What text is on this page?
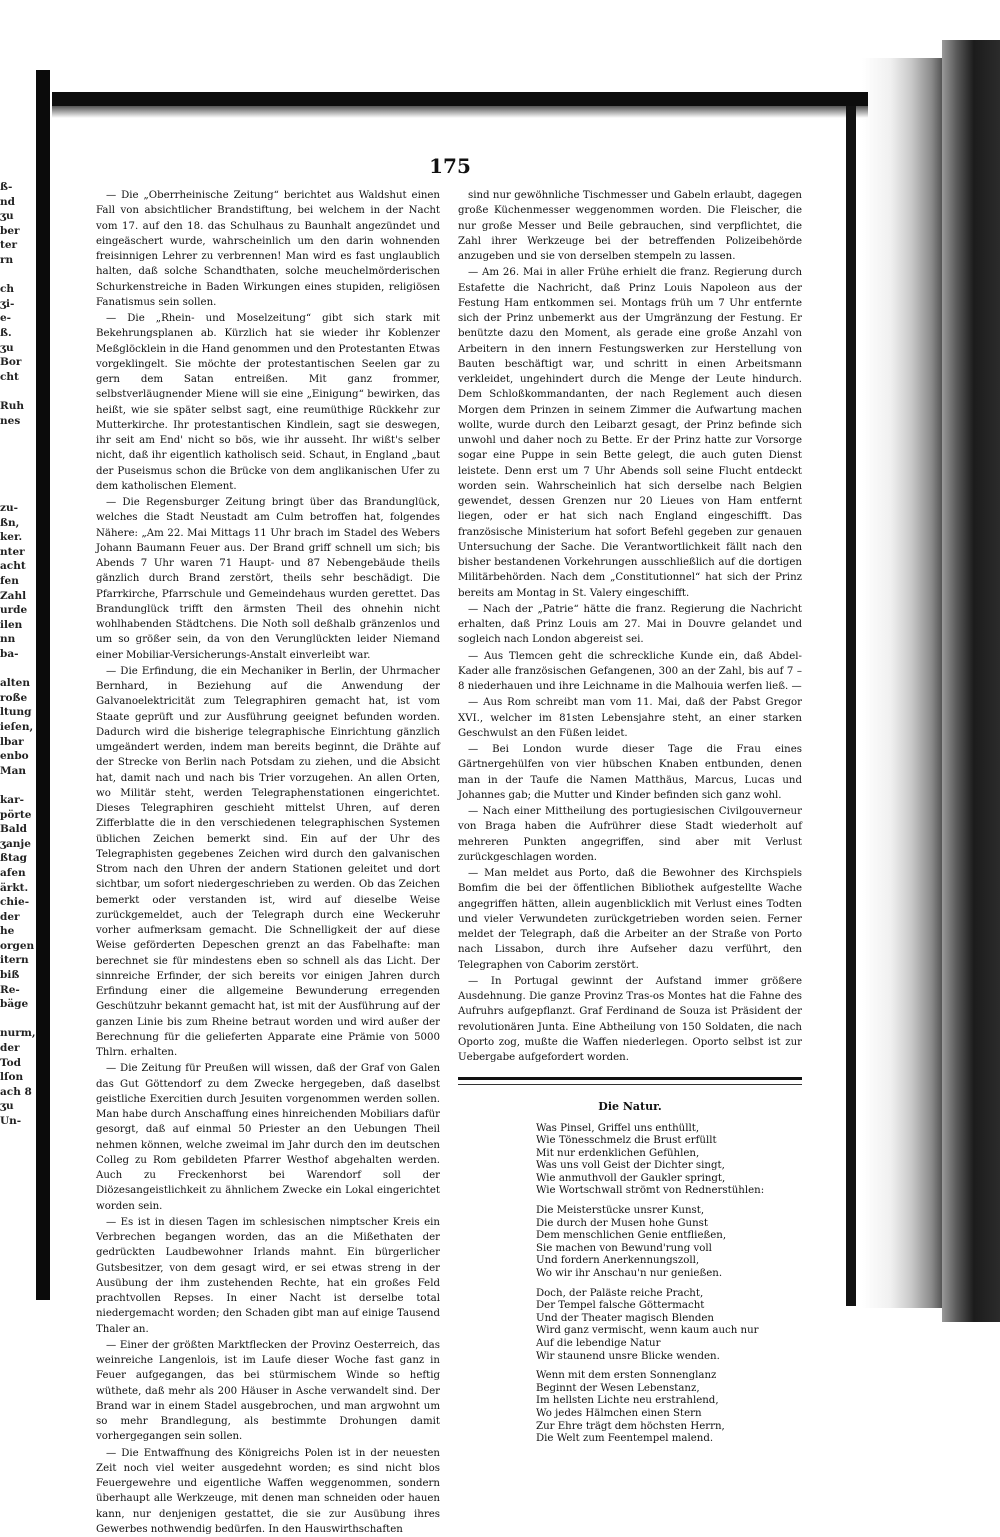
ß-
nd
ʒu
ber
ter
rn

ch
ʒi-
e-
ß.
ʒu
Bor
cht

Ruh
nes

zu-
ßn,
ker.
nter
acht
fen
Zahl
urde
ilen
nn
ba-

alten
roße
ltung
ieſen,
lbar
enbo
Man

kar-
pörte
Bald
ʒanje
ßtag
afen
ärkt.
chie-
der
he
orgen
itern
biß
Re-
bäge

nurm,
der
Tod
lſon
ach 8
ʒu
Un-
175

— Die „Oberrheinische Zeitung“ berichtet aus Waldshut einen Fall von absichtlicher Brandstiftung, bei welchem in der Nacht vom 17. auf den 18. das Schulhaus zu Baunhalt angezündet und eingeäschert wurde, wahrscheinlich um den darin wohnenden freisinnigen Lehrer zu verbrennen! Man wird es fast unglaublich halten, daß solche Schandthaten, solche meuchelmörderischen Schurkenstreiche in Baden Wirkungen eines stupiden, religiösen Fanatismus sein sollen.

— Die „Rhein- und Moselzeitung“ gibt sich stark mit Bekehrungsplanen ab. Kürzlich hat sie wieder ihr Koblenzer Meßglöcklein in die Hand genommen und den Protestanten Etwas vorgeklingelt. Sie möchte der protestantischen Seelen gar zu gern dem Satan entreißen. Mit ganz frommer, selbstverläugnender Miene will sie eine „Einigung“ bewirken, das heißt, wie sie später selbst sagt, eine reumüthige Rückkehr zur Mutterkirche. Ihr protestantischen Kindlein, sagt sie deswegen, ihr seit am End' nicht so bös, wie ihr ausseht. Ihr wißt's selber nicht, daß ihr eigentlich katholisch seid. Schaut, in England „baut der Puseismus schon die Brücke von dem anglikanischen Ufer zu dem katholischen Element.

— Die Regensburger Zeitung bringt über das Brandunglück, welches die Stadt Neustadt am Culm betroffen hat, folgendes Nähere: „Am 22. Mai Mittags 11 Uhr brach im Stadel des Webers Johann Baumann Feuer aus. Der Brand griff schnell um sich; bis Abends 7 Uhr waren 71 Haupt- und 87 Nebengebäude theils gänzlich durch Brand zerstört, theils sehr beschädigt. Die Pfarrkirche, Pfarrschule und Gemeindehaus wurden gerettet. Das Brandunglück trifft den ärmsten Theil des ohnehin nicht wohlhabenden Städtchens. Die Noth soll deßhalb gränzenlos und um so größer sein, da von den Verunglückten leider Niemand einer Mobiliar-Versicherungs-Anstalt einverleibt war.

— Die Erfindung, die ein Mechaniker in Berlin, der Uhrmacher Bernhard, in Beziehung auf die Anwendung der Galvanoelektricität zum Telegraphiren gemacht hat, ist vom Staate geprüft und zur Ausführung geeignet befunden worden. Dadurch wird die bisherige telegraphische Einrichtung gänzlich umgeändert werden, indem man bereits beginnt, die Drähte auf der Strecke von Berlin nach Potsdam zu ziehen, und die Absicht hat, damit nach und nach bis Trier vorzugehen. An allen Orten, wo Militär steht, werden Telegraphenstationen eingerichtet. Dieses Telegraphiren geschieht mittelst Uhren, auf deren Zifferblatte die in den verschiedenen telegraphischen Systemen üblichen Zeichen bemerkt sind. Ein auf der Uhr des Telegraphisten gegebenes Zeichen wird durch den galvanischen Strom nach den Uhren der andern Stationen geleitet und dort sichtbar, um sofort niedergeschrieben zu werden. Ob das Zeichen bemerkt oder verstanden ist, wird auf dieselbe Weise zurückgemeldet, auch der Telegraph durch eine Weckeruhr vorher aufmerksam gemacht. Die Schnelligkeit der auf diese Weise geförderten Depeschen grenzt an das Fabelhafte: man berechnet sie für mindestens eben so schnell als das Licht. Der sinnreiche Erfinder, der sich bereits vor einigen Jahren durch Erfindung einer die allgemeine Bewunderung erregenden Geschützuhr bekannt gemacht hat, ist mit der Ausführung auf der ganzen Linie bis zum Rheine betraut worden und wird außer der Berechnung für die gelieferten Apparate eine Prämie von 5000 Thlrn. erhalten.

— Die Zeitung für Preußen will wissen, daß der Graf von Galen das Gut Göttendorf zu dem Zwecke hergegeben, daß daselbst geistliche Exercitien durch Jesuiten vorgenommen werden sollen. Man habe durch Anschaffung eines hinreichenden Mobiliars dafür gesorgt, daß auf einmal 50 Priester an den Uebungen Theil nehmen können, welche zweimal im Jahr durch den im deutschen Colleg zu Rom gebildeten Pfarrer Westhof abgehalten werden. Auch zu Freckenhorst bei Warendorf soll der Diözesangeistlichkeit zu ähnlichem Zwecke ein Lokal eingerichtet worden sein.

— Es ist in diesen Tagen im schlesischen nimptscher Kreis ein Verbrechen begangen worden, das an die Mißethaten der gedrückten Laudbewohner Irlands mahnt. Ein bürgerlicher Gutsbesitzer, von dem gesagt wird, er sei etwas streng in der Ausübung der ihm zustehenden Rechte, hat ein großes Feld prachtvollen Repses. In einer Nacht ist derselbe total niedergemacht worden; den Schaden gibt man auf einige Tausend Thaler an.

— Einer der größten Marktflecken der Provinz Oesterreich, das weinreiche Langenlois, ist im Laufe dieser Woche fast ganz in Feuer aufgegangen, das bei stürmischem Winde so heftig wüthete, daß mehr als 200 Häuser in Asche verwandelt sind. Der Brand war in einem Stadel ausgebrochen, und man argwohnt um so mehr Brandlegung, als bestimmte Drohungen damit vorhergegangen sein sollen.

— Die Entwaffnung des Königreichs Polen ist in der neuesten Zeit noch viel weiter ausgedehnt worden; es sind nicht blos Feuergewehre und eigentliche Waffen weggenommen, sondern überhaupt alle Werkzeuge, mit denen man schneiden oder hauen kann, nur denjenigen gestattet, die sie zur Ausübung ihres Gewerbes nothwendig bedürfen. In den Hauswirthschaften

sind nur gewöhnliche Tischmesser und Gabeln erlaubt, dagegen große Küchenmesser weggenommen worden. Die Fleischer, die nur große Messer und Beile gebrauchen, sind verpflichtet, die Zahl ihrer Werkzeuge bei der betreffenden Polizeibehörde anzugeben und sie von derselben stempeln zu lassen.

— Am 26. Mai in aller Frühe erhielt die franz. Regierung durch Estafette die Nachricht, daß Prinz Louis Napoleon aus der Festung Ham entkommen sei. Montags früh um 7 Uhr entfernte sich der Prinz unbemerkt aus der Umgränzung der Festung. Er benützte dazu den Moment, als gerade eine große Anzahl von Arbeitern in den innern Festungswerken zur Herstellung von Bauten beschäftigt war, und schritt in einen Arbeitsmann verkleidet, ungehindert durch die Menge der Leute hindurch. Dem Schloßkommandanten, der nach Reglement auch diesen Morgen dem Prinzen in seinem Zimmer die Aufwartung machen wollte, wurde durch den Leibarzt gesagt, der Prinz befinde sich unwohl und daher noch zu Bette. Er der Prinz hatte zur Vorsorge sogar eine Puppe in sein Bette gelegt, die auch guten Dienst leistete. Denn erst um 7 Uhr Abends soll seine Flucht entdeckt worden sein. Wahrscheinlich hat sich derselbe nach Belgien gewendet, dessen Grenzen nur 20 Lieues von Ham entfernt liegen, oder er hat sich nach England eingeschifft. Das französische Ministerium hat sofort Befehl gegeben zur genauen Untersuchung der Sache. Die Verantwortlichkeit fällt nach den bisher bestandenen Vorkehrungen ausschließlich auf die dortigen Militärbehörden. Nach dem „Constitutionnel“ hat sich der Prinz bereits am Montag in St. Valery eingeschifft.

— Nach der „Patrie“ hätte die franz. Regierung die Nachricht erhalten, daß Prinz Louis am 27. Mai in Douvre gelandet und sogleich nach London abgereist sei.

— Aus Tlemcen geht die schreckliche Kunde ein, daß Abdel-Kader alle französischen Gefangenen, 300 an der Zahl, bis auf 7 – 8 niederhauen und ihre Leichname in die Malhouia werfen ließ. —

— Aus Rom schreibt man vom 11. Mai, daß der Pabst Gregor XVI., welcher im 81sten Lebensjahre steht, an einer starken Geschwulst an den Füßen leidet.

— Bei London wurde dieser Tage die Frau eines Gärtnergehülfen von vier hübschen Knaben entbunden, denen man in der Taufe die Namen Matthäus, Marcus, Lucas und Johannes gab; die Mutter und Kinder befinden sich ganz wohl.

— Nach einer Mittheilung des portugiesischen Civilgouverneur von Braga haben die Aufrührer diese Stadt wiederholt auf mehreren Punkten angegriffen, sind aber mit Verlust zurückgeschlagen worden.

— Man meldet aus Porto, daß die Bewohner des Kirchspiels Bomfim die bei der öffentlichen Bibliothek aufgestellte Wache angegriffen hätten, allein augenblicklich mit Verlust eines Todten und vieler Verwundeten zurückgetrieben worden seien. Ferner meldet der Telegraph, daß die Arbeiter an der Straße von Porto nach Lissabon, durch ihre Aufseher dazu verführt, den Telegraphen von Caborim zerstört.

— In Portugal gewinnt der Aufstand immer größere Ausdehnung. Die ganze Provinz Tras-os Montes hat die Fahne des Aufruhrs aufgepflanzt. Graf Ferdinand de Souza ist Präsident der revolutionären Junta. Eine Abtheilung von 150 Soldaten, die nach Oporto zog, mußte die Waffen niederlegen. Oporto selbst ist zur Uebergabe aufgefordert worden.

Die Natur.
Was Pinsel, Griffel uns enthüllt,
Wie Tönesschmelz die Brust erfüllt
Mit nur erdenklichen Gefühlen,
Was uns voll Geist der Dichter singt,
Wie anmuthvoll der Gaukler springt,
Wie Wortschwall strömt von Rednerstühlen:
Die Meisterstücke unsrer Kunst,
Die durch der Musen hohe Gunst
Dem menschlichen Genie entfließen,
Sie machen von Bewund'rung voll
Und fordern Anerkennungszoll,
Wo wir ihr Anschau'n nur genießen.
Doch, der Paläste reiche Pracht,
Der Tempel falsche Göttermacht
Und der Theater magisch Blenden
Wird ganz vermischt, wenn kaum auch nur
Auf die lebendige Natur
Wir staunend unsre Blicke wenden.
Wenn mit dem ersten Sonnenglanz
Beginnt der Wesen Lebenstanz,
Im hellsten Lichte neu erstrahlend,
Wo jedes Hälmchen einen Stern
Zur Ehre trägt dem höchsten Herrn,
Die Welt zum Feentempel malend.
